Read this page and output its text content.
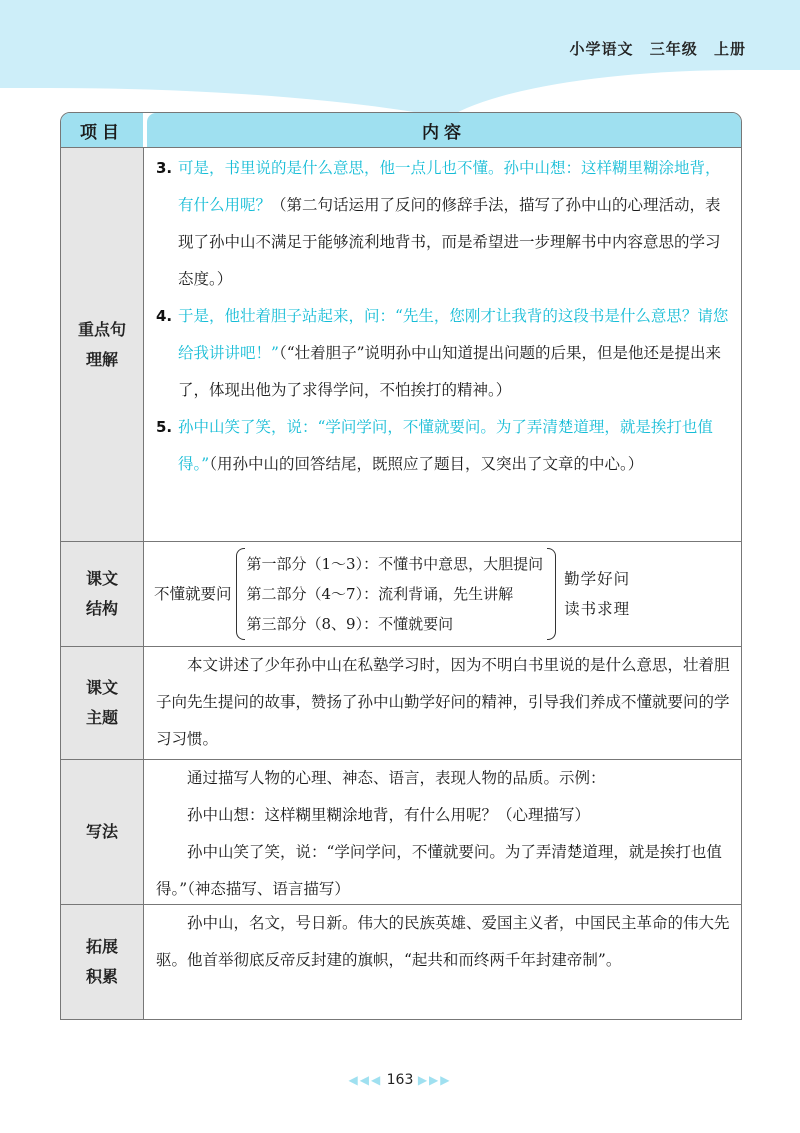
小学语文 三年级 上册
项目	内容
重点句
理解
3. 可是，书里说的是什么意思，他一点儿也不懂。孙中山想：这样糊里糊涂地背，有什么用呢？（第二句话运用了反问的修辞手法，描写了孙中山的心理活动，表现了孙中山不满足于能够流利地背书，而是希望进一步理解书中内容意思的学习态度。）
4. 于是，他壮着胆子站起来，问：“先生，您刚才让我背的这段书是什么意思？请您给我讲讲吧！”（“壮着胆子”说明孙中山知道提出问题的后果，但是他还是提出来了，体现出他为了求得学问，不怕挨打的精神。）
5. 孙中山笑了笑，说：“学问学问，不懂就要问。为了弄清楚道理，就是挨打也值得。”（用孙中山的回答结尾，既照应了题目，又突出了文章的中心。）
课文
结构
不懂就要问
第一部分（1～3）：不懂书中意思，大胆提问
第二部分（4～7）：流利背诵，先生讲解
第三部分（8、9）：不懂就要问
勤学好问
读书求理
课文
主题

本文讲述了少年孙中山在私塾学习时，因为不明白书里说的是什么意思，壮着胆子向先生提问的故事，赞扬了孙中山勤学好问的精神，引导我们养成不懂就要问的学习习惯。

写法

通过描写人物的心理、神态、语言，表现人物的品质。示例：

孙中山想：这样糊里糊涂地背，有什么用呢？（心理描写）

孙中山笑了笑，说：“学问学问，不懂就要问。为了弄清楚道理，就是挨打也值得。”（神态描写、语言描写）

拓展
积累

孙中山，名文，号日新。伟大的民族英雄、爱国主义者，中国民主革命的伟大先驱。他首举彻底反帝反封建的旗帜，“起共和而终两千年封建帝制”。

◀◀◀ 163 ▶▶▶
